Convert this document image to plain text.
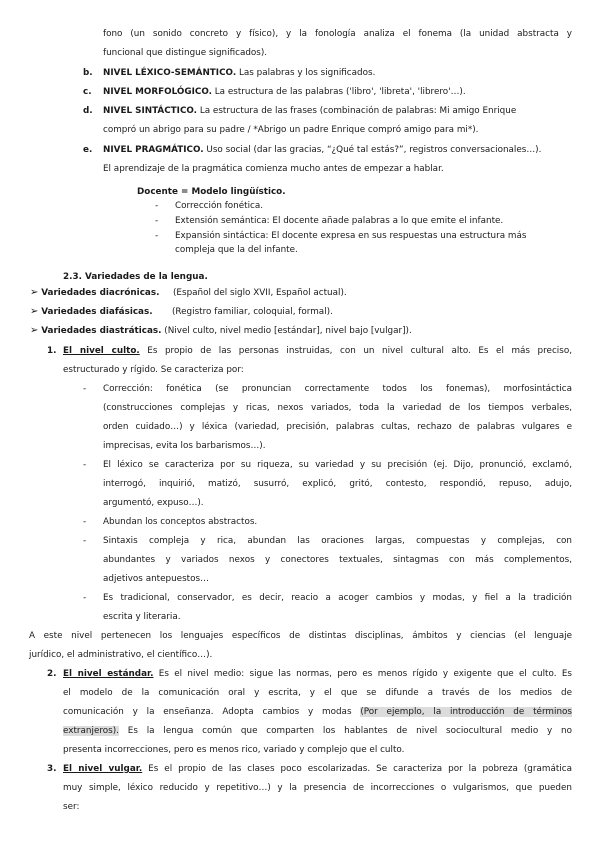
fono (un sonido concreto y físico), y la fonología analiza el fonema (la unidad abstracta y
funcional que distingue significados).
b. NIVEL LÉXICO-SEMÁNTICO. Las palabras y los significados.
c. NIVEL MORFOLÓGICO. La estructura de las palabras ('libro', 'libreta', 'librero'…).
d. NIVEL SINTÁCTICO. La estructura de las frases (combinación de palabras: Mi amigo Enrique
compró un abrigo para su padre / *Abrigo un padre Enrique compró amigo para mi*).
e. NIVEL PRAGMÁTICO. Uso social (dar las gracias, “¿Qué tal estás?”, registros conversacionales…).
El aprendizaje de la pragmática comienza mucho antes de empezar a hablar.
Docente = Modelo lingüístico.
- Corrección fonética.
- Extensión semántica: El docente añade palabras a lo que emite el infante.
- Expansión sintáctica: El docente expresa en sus respuestas una estructura más
compleja que la del infante.
2.3. Variedades de la lengua.
➢ Variedades diacrónicas. (Español del siglo XVII, Español actual).
➢ Variedades diafásicas. (Registro familiar, coloquial, formal).
➢ Variedades diastráticas. (Nivel culto, nivel medio [estándar], nivel bajo [vulgar]).
1. El nivel culto. Es propio de las personas instruidas, con un nivel cultural alto. Es el más preciso,
estructurado y rígido. Se caracteriza por:
- Corrección: fonética (se pronuncian correctamente todos los fonemas), morfosintáctica
(construcciones complejas y ricas, nexos variados, toda la variedad de los tiempos verbales,
orden cuidado…) y léxica (variedad, precisión, palabras cultas, rechazo de palabras vulgares e
imprecisas, evita los barbarismos…).
- El léxico se caracteriza por su riqueza, su variedad y su precisión (ej. Dijo, pronunció, exclamó,
interrogó, inquirió, matizó, susurró, explicó, gritó, contesto, respondió, repuso, adujo,
argumentó, expuso…).
- Abundan los conceptos abstractos.
- Sintaxis compleja y rica, abundan las oraciones largas, compuestas y complejas, con
abundantes y variados nexos y conectores textuales, sintagmas con más complementos,
adjetivos antepuestos…
- Es tradicional, conservador, es decir, reacio a acoger cambios y modas, y fiel a la tradición
escrita y literaria.
A este nivel pertenecen los lenguajes específicos de distintas disciplinas, ámbitos y ciencias (el lenguaje
jurídico, el administrativo, el científico…).
2. El nivel estándar. Es el nivel medio: sigue las normas, pero es menos rígido y exigente que el culto. Es
el modelo de la comunicación oral y escrita, y el que se difunde a través de los medios de
comunicación y la enseñanza. Adopta cambios y modas (Por ejemplo, la introducción de términos
extranjeros). Es la lengua común que comparten los hablantes de nivel sociocultural medio y no
presenta incorrecciones, pero es menos rico, variado y complejo que el culto.
3. El nivel vulgar. Es el propio de las clases poco escolarizadas. Se caracteriza por la pobreza (gramática
muy simple, léxico reducido y repetitivo…) y la presencia de incorrecciones o vulgarismos, que pueden
ser:
